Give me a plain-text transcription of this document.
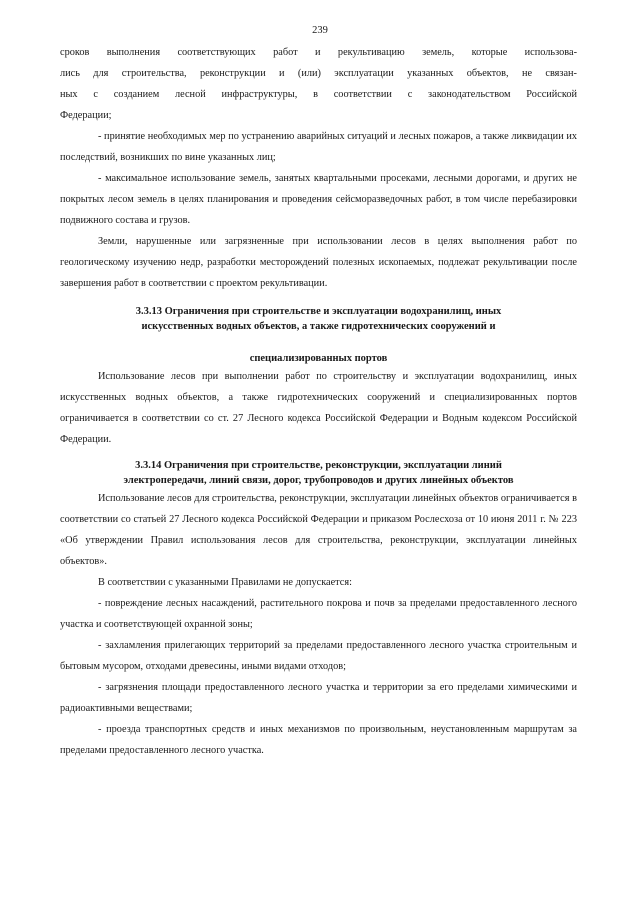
239
сроков выполнения соответствующих работ и рекультивацию земель, которые использова-
лись для строительства, реконструкции и (или) эксплуатации указанных объектов, не связан-
ных с созданием лесной инфраструктуры, в соответствии с законодательством Российской
Федерации;

- принятие необходимых мер по устранению аварийных ситуаций и лесных пожаров, а также ликвидации их последствий, возникших по вине указанных лиц;

- максимальное использование земель, занятых квартальными просеками, лесными дорогами, и других не покрытых лесом земель в целях планирования и проведения сейсморазведочных работ, в том числе перебазировки подвижного состава и грузов.

Земли, нарушенные или загрязненные при использовании лесов в целях выполнения работ по геологическому изучению недр, разработки месторождений полезных ископаемых, подлежат рекультивации после завершения работ в соответствии с проектом рекультивации.

3.3.13 Ограничения при строительстве и эксплуатации водохранилищ, иных

искусственных водных объектов, а также гидротехнических сооружений и

специализированных портов

Использование лесов при выполнении работ по строительству и эксплуатации водохранилищ, иных искусственных водных объектов, а также гидротехнических сооружений и специализированных портов ограничивается в соответствии со ст. 27 Лесного кодекса Российской Федерации и Водным кодексом Российской Федерации.

3.3.14 Ограничения при строительстве, реконструкции, эксплуатации линий

электропередачи, линий связи, дорог, трубопроводов и других линейных объектов

Использование лесов для строительства, реконструкции, эксплуатации линейных объектов ограничивается в соответствии со статьей 27 Лесного кодекса Российской Федерации и приказом Рослесхоза от 10 июня 2011 г. № 223 «Об утверждении Правил использования лесов для строительства, реконструкции, эксплуатации линейных объектов».

В соответствии с указанными Правилами не допускается:

- повреждение лесных насаждений, растительного покрова и почв за пределами предоставленного лесного участка и соответствующей охранной зоны;

- захламления прилегающих территорий за пределами предоставленного лесного участка строительным и бытовым мусором, отходами древесины, иными видами отходов;

- загрязнения площади предоставленного лесного участка и территории за его пределами химическими и радиоактивными веществами;

- проезда транспортных средств и иных механизмов по произвольным, неустановленным маршрутам за пределами предоставленного лесного участка.
